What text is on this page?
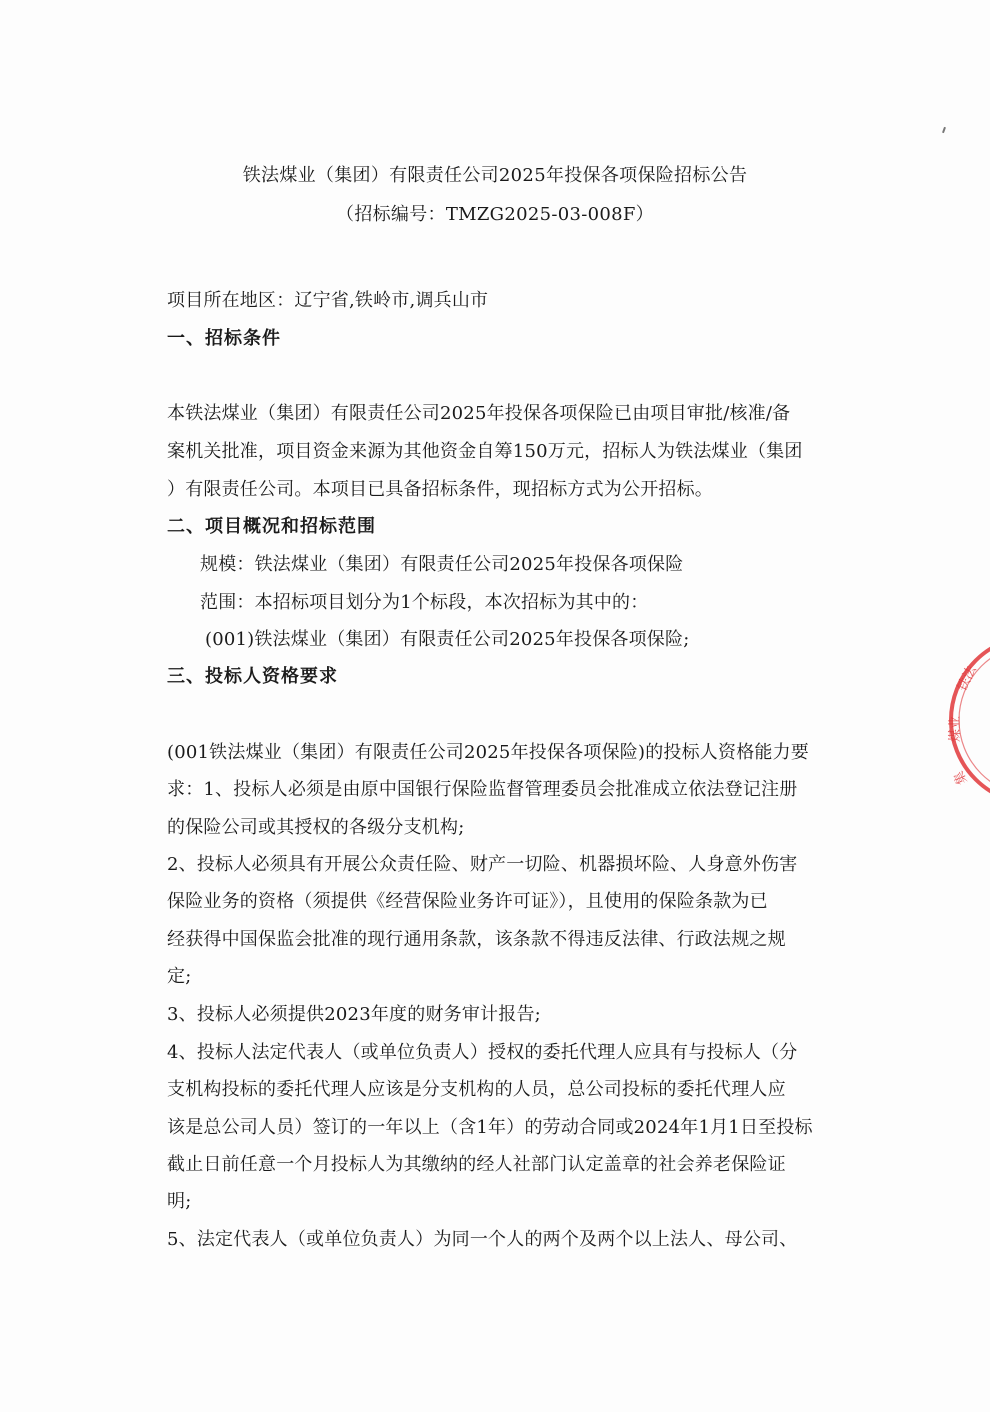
铁法煤业（集团）有限责任公司2025年投保各项保险招标公告
（招标编号：TMZG2025-03-008F）
项目所在地区：辽宁省,铁岭市,调兵山市
一、招标条件
本铁法煤业（集团）有限责任公司2025年投保各项保险已由项目审批/核准/备
案机关批准，项目资金来源为其他资金自筹150万元，招标人为铁法煤业（集团
）有限责任公司。本项目已具备招标条件，现招标方式为公开招标。
二、项目概况和招标范围
规模：铁法煤业（集团）有限责任公司2025年投保各项保险
范围：本招标项目划分为1个标段，本次招标为其中的：
(001)铁法煤业（集团）有限责任公司2025年投保各项保险;
三、投标人资格要求
(001铁法煤业（集团）有限责任公司2025年投保各项保险)的投标人资格能力要
求：1、投标人必须是由原中国银行保险监督管理委员会批准成立依法登记注册
的保险公司或其授权的各级分支机构;
2、投标人必须具有开展公众责任险、财产一切险、机器损坏险、人身意外伤害
保险业务的资格（须提供《经营保险业务许可证》），且使用的保险条款为已
经获得中国保监会批准的现行通用条款，该条款不得违反法律、行政法规之规
定;
3、投标人必须提供2023年度的财务审计报告;
4、投标人法定代表人（或单位负责人）授权的委托代理人应具有与投标人（分
支机构投标的委托代理人应该是分支机构的人员，总公司投标的委托代理人应
该是总公司人员）签订的一年以上（含1年）的劳动合同或2024年1月1日至投标
截止日前任意一个月投标人为其缴纳的经人社部门认定盖章的社会养老保险证
明;
5、法定代表人（或单位负责人）为同一个人的两个及两个以上法人、母公司、
铁法
煤业
集
